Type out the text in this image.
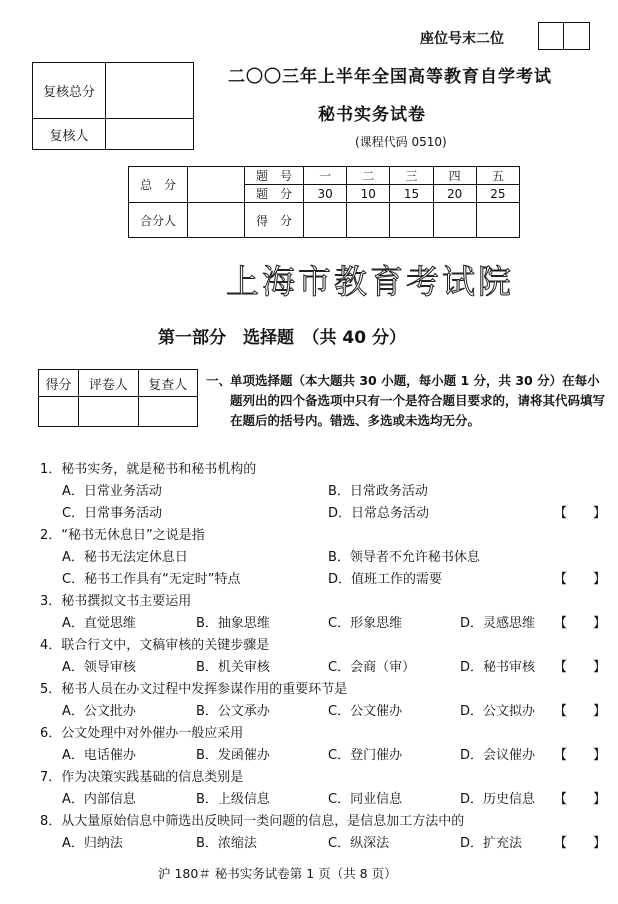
座位号末二位
复核总分	
复核人	
二〇〇三年上半年全国高等教育自学考试
秘书实务试卷
(课程代码 0510)
总　分		题　号	一	二	三	四	五
		题　分	30	10	15	20	25
合分人		得　分					
上海市教育考试院
第一部分　选择题　（共 40 分）
得分	评卷人	复查人
		一、
单项选择题（本大题共 30 小题，每小题 1 分，共 30 分）在每小题列出的四个备选项中只有一个是符合题目要求的，请将其代码填写在题后的括号内。错选、多选或未选均无分。
1．秘书实务，就是秘书和秘书机构的
A．日常业务活动	B．日常政务活动
C．日常事务活动	D．日常总务活动	【　　】
2．“秘书无休息日”之说是指
A．秘书无法定休息日	B．领导者不允许秘书休息
C．秘书工作具有“无定时”特点	D．值班工作的需要	【　　】
3．秘书撰拟文书主要运用
A．直觉思维	B．抽象思维	C．形象思维	D．灵感思维 【　　】
4．联合行文中，文稿审核的关键步骤是
A．领导审核	B．机关审核	C．会商（审）	D．秘书审核 【　　】
5．秘书人员在办文过程中发挥参谋作用的重要环节是
A．公文批办	B．公文承办	C．公文催办	D．公文拟办 【　　】
6．公文处理中对外催办一般应采用
A．电话催办	B．发函催办	C．登门催办	D．会议催办 【　　】
7．作为决策实践基础的信息类别是
A．内部信息	B．上级信息	C．同业信息	D．历史信息 【　　】
8．从大量原始信息中筛选出反映同一类问题的信息，是信息加工方法中的
A．归纳法	B．浓缩法	C．纵深法	D．扩充法 【　　】
沪 180＃ 秘书实务试卷第 1 页（共 8 页）
